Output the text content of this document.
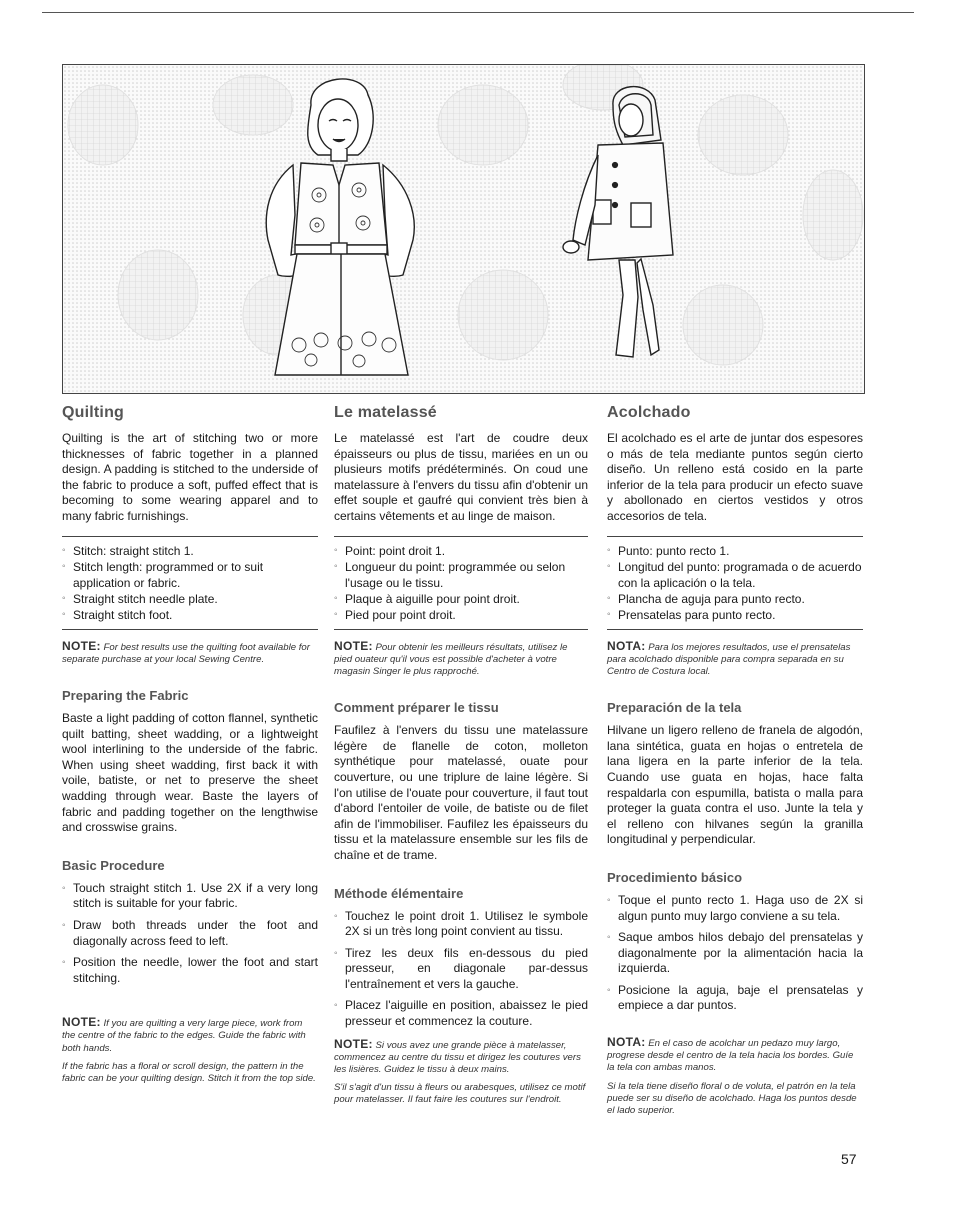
Quilting

Quilting is the art of stitching two or more thicknesses of fabric together in a planned design. A padding is stitched to the underside of the fabric to produce a soft, puffed effect that is becoming to some wearing apparel and to many fabric furnishings.

◦ Stitch: straight stitch 1.
◦ Stitch length: programmed or to suit application or fabric.
◦ Straight stitch needle plate.
◦ Straight stitch foot.

NOTE: For best results use the quilting foot available for separate purchase at your local Sewing Centre.

Preparing the Fabric

Baste a light padding of cotton flannel, synthetic quilt batting, sheet wadding, or a lightweight wool interlining to the underside of the fabric. When using sheet wadding, first back it with voile, batiste, or net to preserve the sheet wadding through wear. Baste the layers of fabric and padding together on the lengthwise and crosswise grains.

Basic Procedure
◦ Touch straight stitch 1. Use 2X if a very long stitch is suitable for your fabric.
◦ Draw both threads under the foot and diagonally across feed to left.
◦ Position the needle, lower the foot and start stitching.

NOTE: If you are quilting a very large piece, work from the centre of the fabric to the edges. Guide the fabric with both hands.

If the fabric has a floral or scroll design, the pattern in the fabric can be your quilting design. Stitch it from the top side.

Le matelassé

Le matelassé est l'art de coudre deux épaisseurs ou plus de tissu, mariées en un ou plusieurs motifs prédéterminés. On coud une matelassure à l'envers du tissu afin d'obtenir un effet souple et gaufré qui convient très bien à certains vêtements et au linge de maison.

◦ Point: point droit 1.
◦ Longueur du point: programmée ou selon l'usage ou le tissu.
◦ Plaque à aiguille pour point droit.
◦ Pied pour point droit.

NOTE: Pour obtenir les meilleurs résultats, utilisez le pied ouateur qu'il vous est possible d'acheter à votre magasin Singer le plus rapproché.

Comment préparer le tissu

Faufilez à l'envers du tissu une matelassure légère de flanelle de coton, molleton synthétique pour matelassé, ouate pour couverture, ou une triplure de laine légère. Si l'on utilise de l'ouate pour couverture, il faut tout d'abord l'entoiler de voile, de batiste ou de filet afin de l'immobiliser. Faufilez les épaisseurs du tissu et la matelassure ensemble sur les fils de chaîne et de trame.

Méthode élémentaire
◦ Touchez le point droit 1. Utilisez le symbole 2X si un très long point convient au tissu.
◦ Tirez les deux fils en-dessous du pied presseur, en diagonale par-dessus l'entraînement et vers la gauche.
◦ Placez l'aiguille en position, abaissez le pied presseur et commencez la couture.

NOTE: Si vous avez une grande pièce à matelasser, commencez au centre du tissu et dirigez les coutures vers les lisières. Guidez le tissu à deux mains.

S'il s'agit d'un tissu à fleurs ou arabesques, utilisez ce motif pour matelasser. Il faut faire les coutures sur l'endroit.

Acolchado

El acolchado es el arte de juntar dos espesores o más de tela mediante puntos según cierto diseño. Un relleno está cosido en la parte inferior de la tela para producir un efecto suave y abollonado en ciertos vestidos y otros accesorios de tela.

◦ Punto: punto recto 1.
◦ Longitud del punto: programada o de acuerdo con la aplicación o la tela.
◦ Plancha de aguja para punto recto.
◦ Prensatelas para punto recto.

NOTA: Para los mejores resultados, use el prensatelas para acolchado disponible para compra separada en su Centro de Costura local.

Preparación de la tela

Hilvane un ligero relleno de franela de algodón, lana sintética, guata en hojas o entretela de lana ligera en la parte inferior de la tela. Cuando use guata en hojas, hace falta respaldarla con espumilla, batista o malla para proteger la guata contra el uso. Junte la tela y el relleno con hilvanes según la granilla longitudinal y perpendicular.

Procedimiento básico
◦ Toque el punto recto 1. Haga uso de 2X si algun punto muy largo conviene a su tela.
◦ Saque ambos hilos debajo del prensatelas y diagonalmente por la alimentación hacia la izquierda.
◦ Posicione la aguja, baje el prensatelas y empiece a dar puntos.

NOTA: En el caso de acolchar un pedazo muy largo, progrese desde el centro de la tela hacia los bordes. Guíe la tela con ambas manos.

Si la tela tiene diseño floral o de voluta, el patrón en la tela puede ser su diseño de acolchado. Haga los puntos desde el lado superior.

57
